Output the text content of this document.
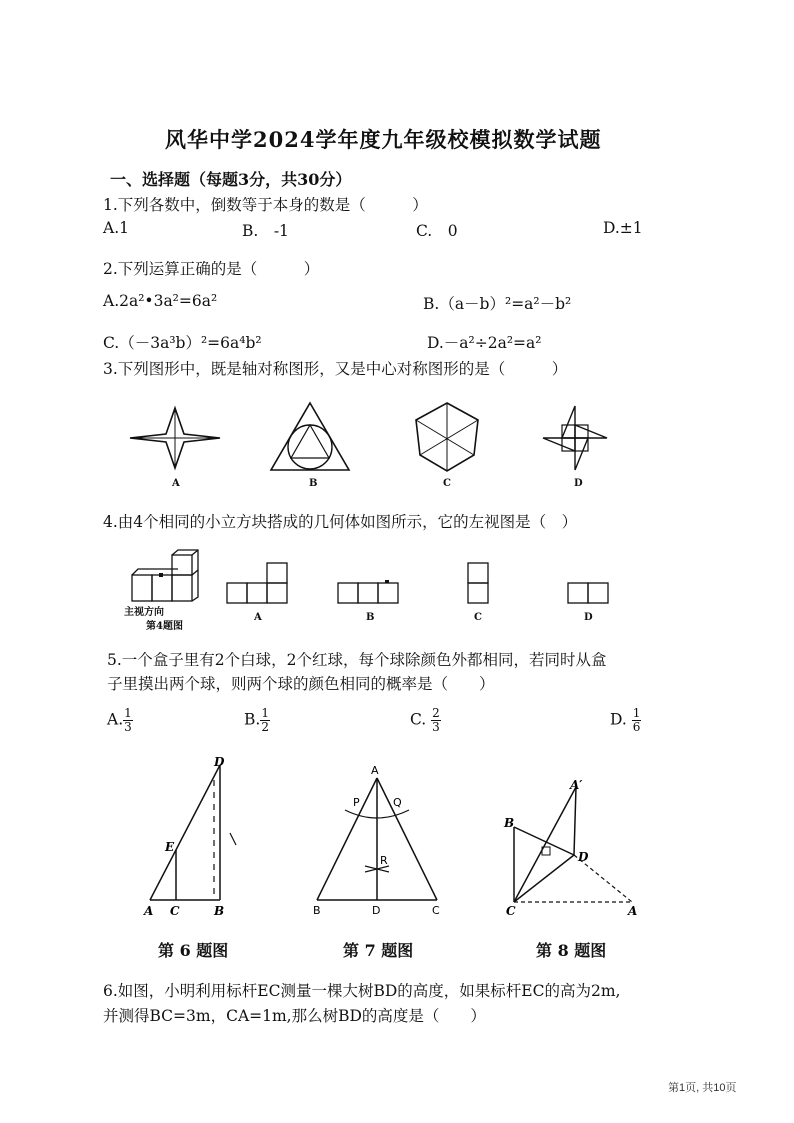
风华中学2024学年度九年级校模拟数学试题
一、选择题（每题3分，共30分）
1.下列各数中，倒数等于本身的数是（　　　）
A.1	B.　-1	C.　0	D.±1
2.下列运算正确的是（　　　）
A.2a²•3a²=6a²	B.（a－b）²=a²－b²
C.（－3a³b）²=6a⁴b²	D.－a²÷2a²=a²
3.下列图形中，既是轴对称图形，又是中心对称图形的是（　　　）
A	B	C	D
4.由4个相同的小立方块搭成的几何体如图所示，它的左视图是（　）
主视方向
第4题图
A	B	C	D
5.一个盒子里有2个白球，2个红球，每个球除颜色外都相同，若同时从盒
子里摸出两个球，则两个球的颜色相同的概率是（　　）
A. $\frac{1}{3}$	B. $\frac{1}{2}$	C. $\frac{2}{3}$	D. $\frac{1}{6}$
D
E
A C	B
第 6 题图
A
P	Q
R
B	D	C
第 7 题图
A′
B
D
C	A
第 8 题图
6.如图，小明利用标杆EC测量一棵大树BD的高度，如果标杆EC的高为2m,
并测得BC=3m，CA=1m,那么树BD的高度是（　　）
第1页, 共10页
